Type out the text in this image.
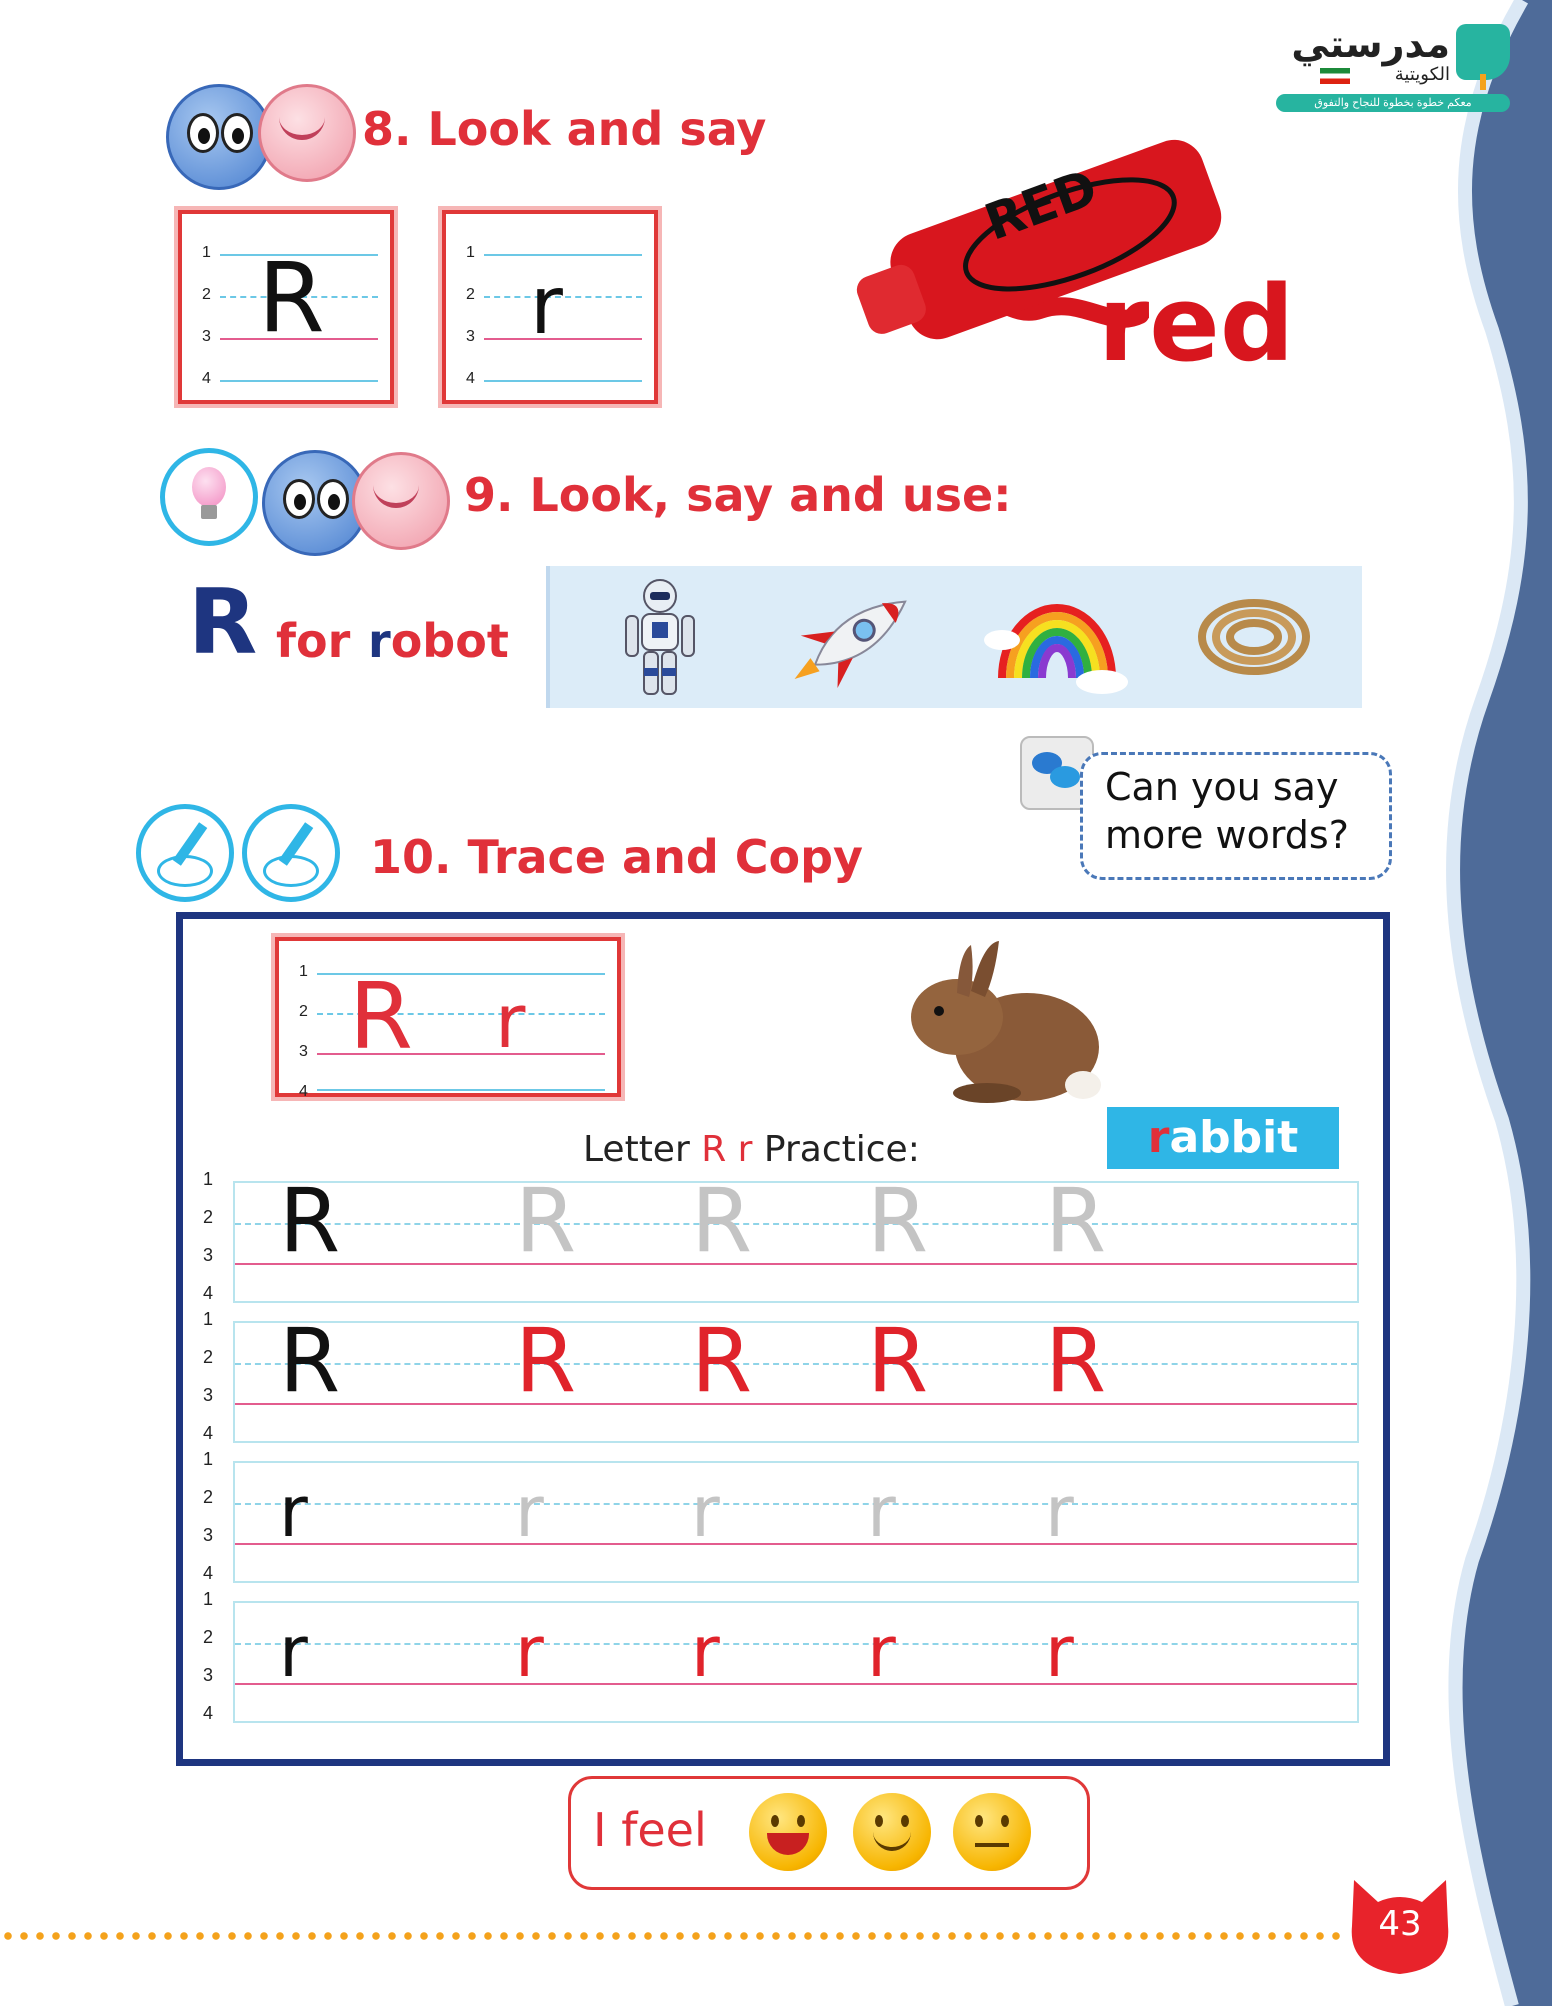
مدرستي
الكويتية
معكم خطوة بخطوة للنجاح والتفوق
8. Look and say
1
2
3
4
R	1
2
3
4
r
RED
red
9. Look, say and use:
R for robot
Can you say
more words?
10. Trace and Copy
1
2
3
4
R r
rabbit
Letter R r Practice:
1
2
3
4
R R R R R
1
2
3
4
R R R R R
1
2
3
4
r	r r r r
1
2
3
4
r	r r r r
I feel
43
